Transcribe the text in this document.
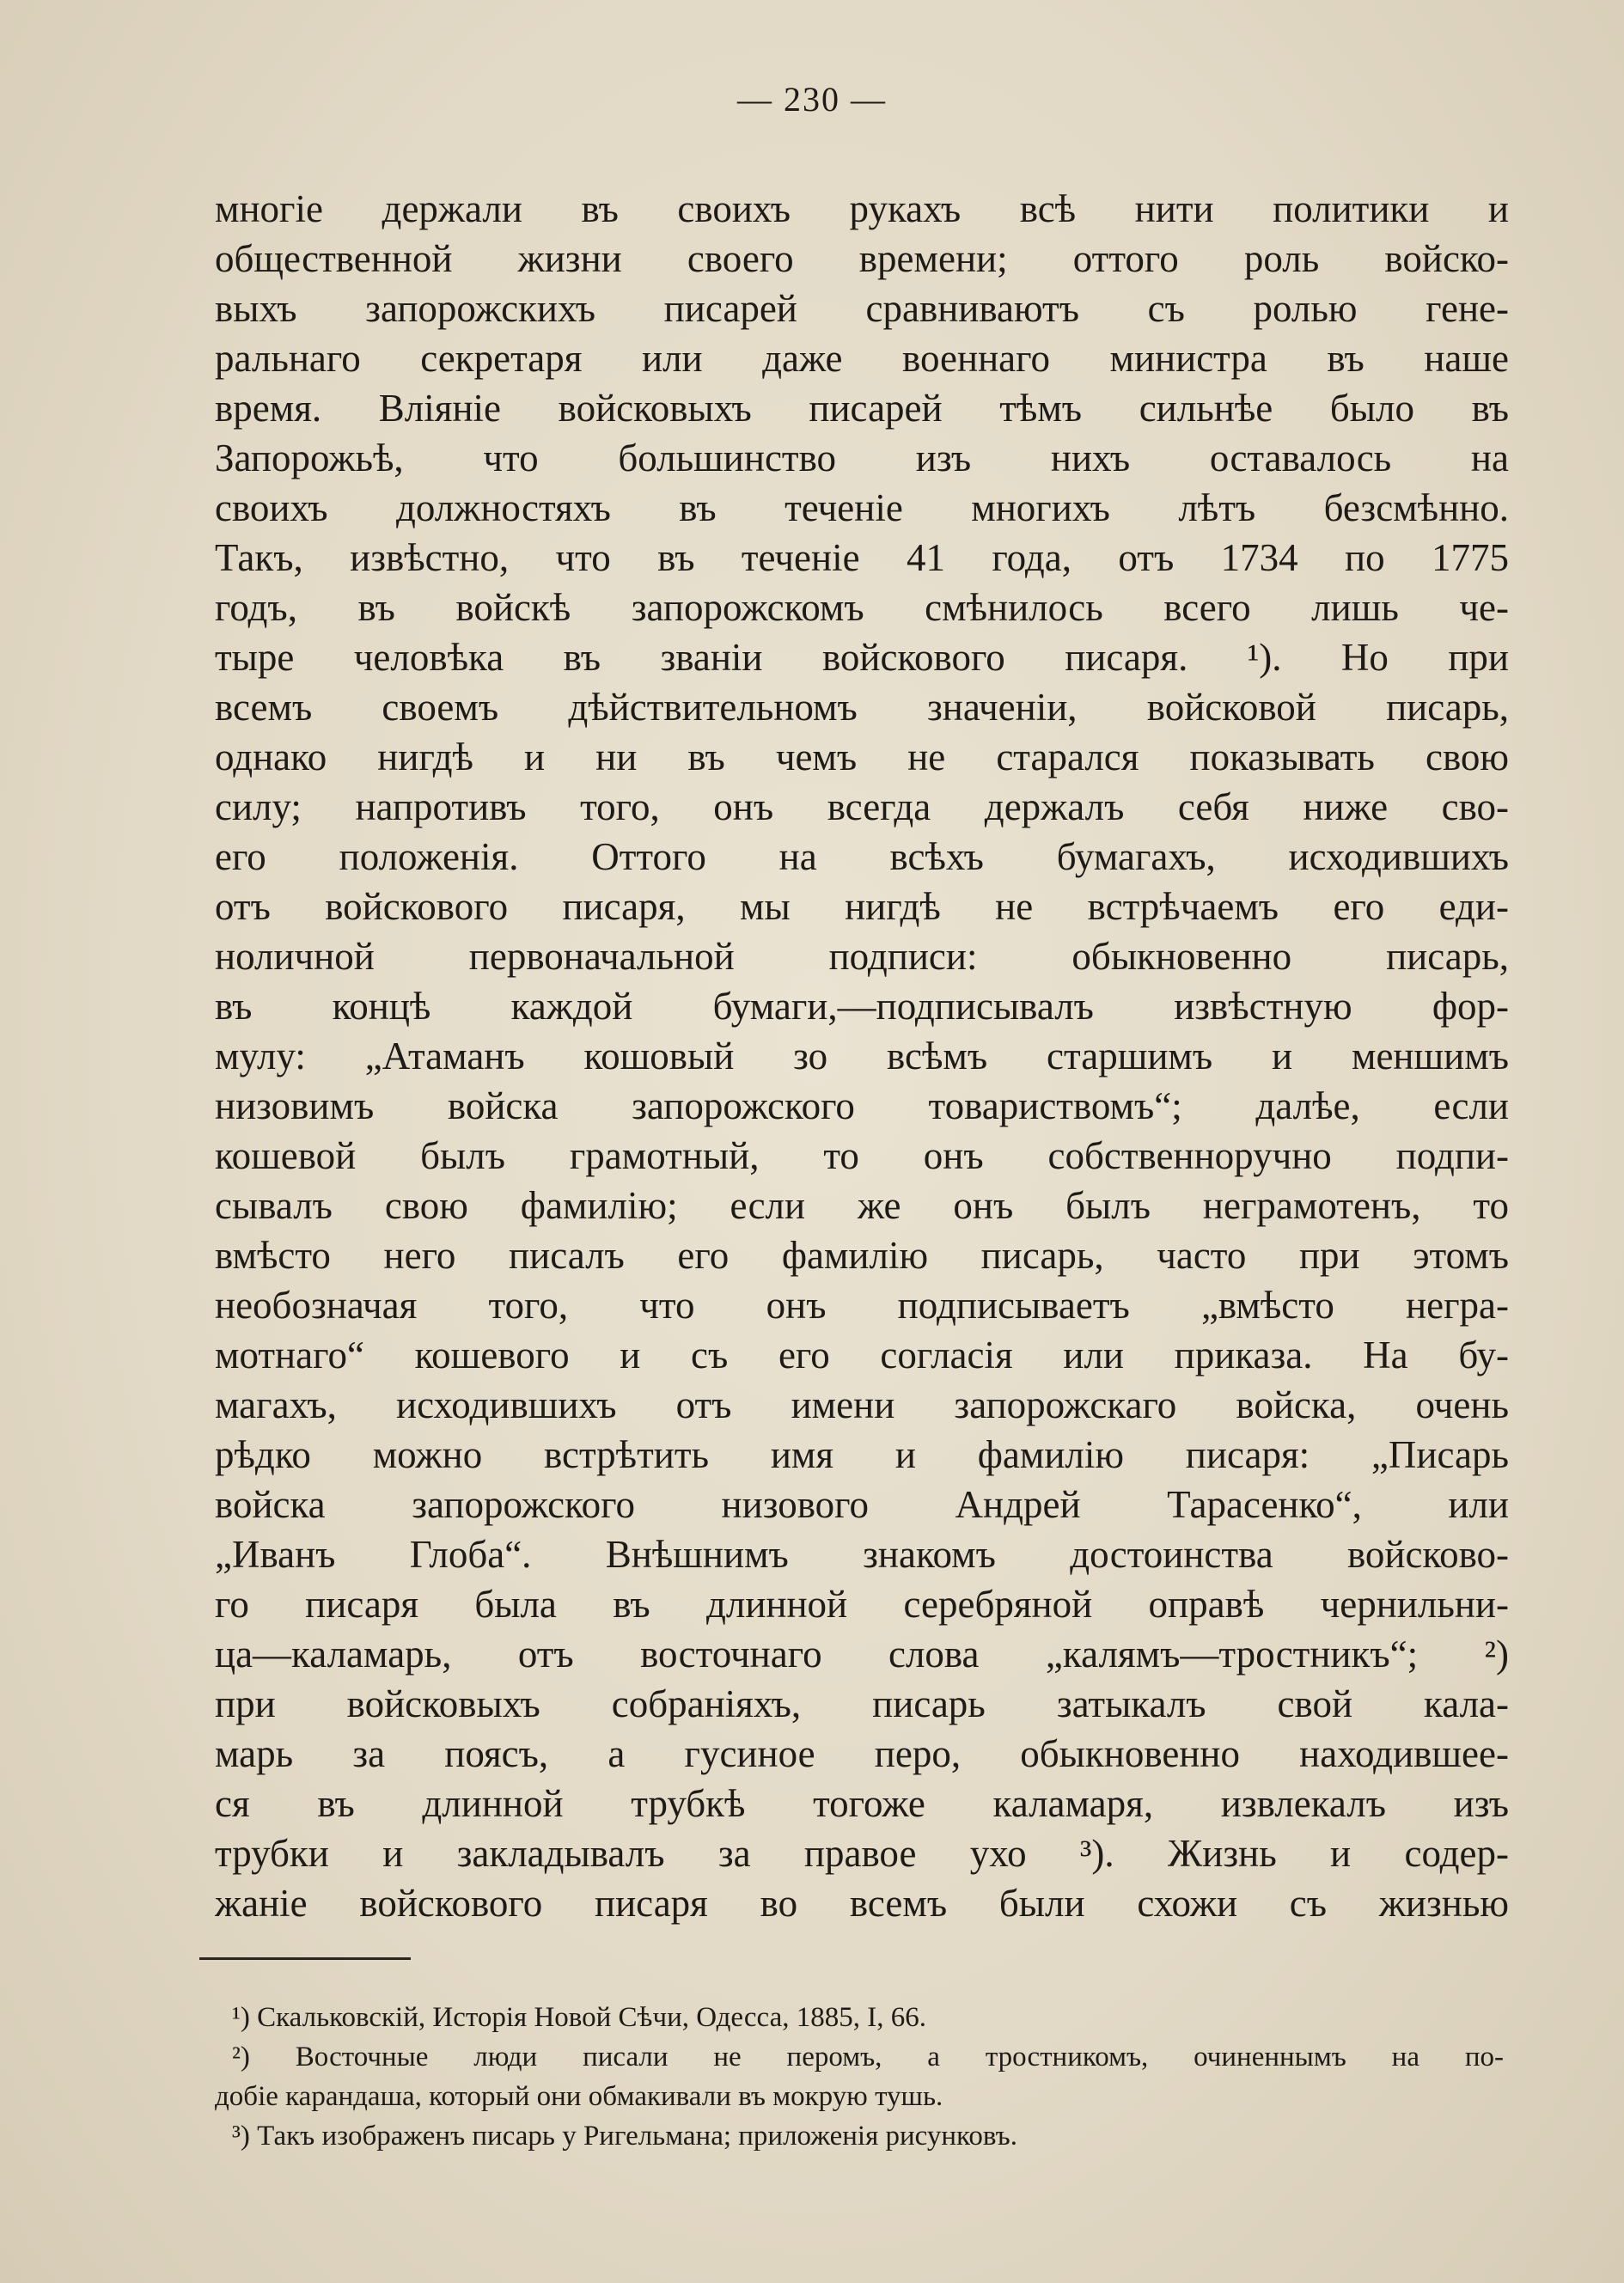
— 230 —
многіе держали въ своихъ рукахъ всѣ нити политики и
общественной жизни своего времени; оттого роль войско-
выхъ запорожскихъ писарей сравниваютъ съ ролью гене-
ральнаго секретаря или даже военнаго министра въ наше
время. Вліяніе войсковыхъ писарей тѣмъ сильнѣе было въ
Запорожьѣ, что большинство изъ нихъ оставалось на
своихъ должностяхъ въ теченіе многихъ лѣтъ безсмѣнно.
Такъ, извѣстно, что въ теченіе 41 года, отъ 1734 по 1775
годъ, въ войскѣ запорожскомъ смѣнилось всего лишь че-
тыре человѣка въ званіи войскового писаря. ¹). Но при
всемъ своемъ дѣйствительномъ значеніи, войсковой писарь,
однако нигдѣ и ни въ чемъ не старался показывать свою
силу; напротивъ того, онъ всегда держалъ себя ниже сво-
его положенія. Оттого на всѣхъ бумагахъ, исходившихъ
отъ войскового писаря, мы нигдѣ не встрѣчаемъ его еди-
ноличной первоначальной подписи: обыкновенно писарь,
въ концѣ каждой бумаги,—подписывалъ извѣстную фор-
мулу: „Атаманъ кошовый зо всѣмъ старшимъ и меншимъ
низовимъ войска запорожского товариствомъ“; далѣе, если
кошевой былъ грамотный, то онъ собственноручно подпи-
сывалъ свою фамилію; если же онъ былъ неграмотенъ, то
вмѣсто него писалъ его фамилію писарь, часто при этомъ
необозначая того, что онъ подписываетъ „вмѣсто негра-
мотнаго“ кошевого и съ его согласія или приказа. На бу-
магахъ, исходившихъ отъ имени запорожскаго войска, очень
рѣдко можно встрѣтить имя и фамилію писаря: „Писарь
войска запорожского низового Андрей Тарасенко“, или
„Иванъ Глоба“. Внѣшнимъ знакомъ достоинства войсково-
го писаря была въ длинной серебряной оправѣ чернильни-
ца—каламарь, отъ восточнаго слова „калямъ—тростникъ“; ²)
при войсковыхъ собраніяхъ, писарь затыкалъ свой кала-
марь за поясъ, а гусиное перо, обыкновенно находившее-
ся въ длинной трубкѣ тогоже каламаря, извлекалъ изъ
трубки и закладывалъ за правое ухо ³). Жизнь и содер-
жаніе войскового писаря во всемъ были схожи съ жизнью
¹) Скальковскій, Исторія Новой Сѣчи, Одесса, 1885, I, 66.
²) Восточные люди писали не перомъ, а тростникомъ, очиненнымъ на по-
добіе карандаша, который они обмакивали въ мокрую тушь.
³) Такъ изображенъ писарь у Ригельмана; приложенія рисунковъ.
